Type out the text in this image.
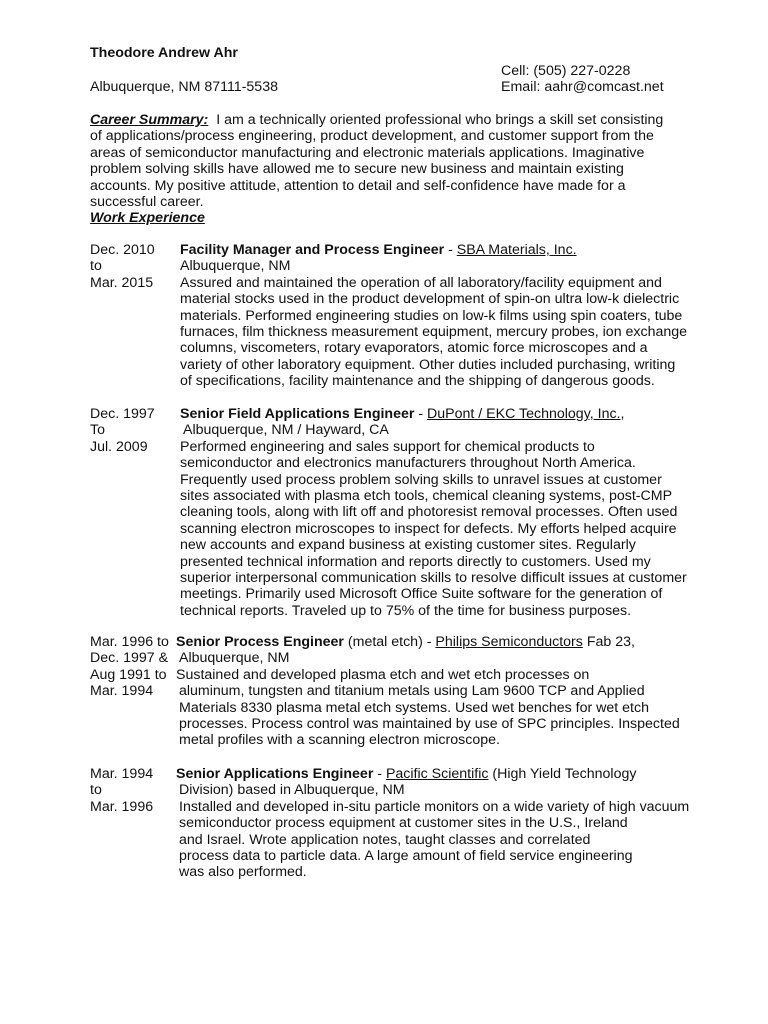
Theodore Andrew Ahr
Cell: (505) 227-0228
Albuquerque, NM 87111-5538	Email: aahr@comcast.net
Career Summary: I am a technically oriented professional who brings a skill set consisting of applications/process engineering, product development, and customer support from the areas of semiconductor manufacturing and electronic materials applications. Imaginative problem solving skills have allowed me to secure new business and maintain existing accounts. My positive attitude, attention to detail and self-confidence have made for a successful career.
Work Experience
Dec. 2010
to
Mar. 2015
Facility Manager and Process Engineer - SBA Materials, Inc.
Albuquerque, NM
Assured and maintained the operation of all laboratory/facility equipment and
material stocks used in the product development of spin-on ultra low-k dielectric
materials. Performed engineering studies on low-k films using spin coaters, tube
furnaces, film thickness measurement equipment, mercury probes, ion exchange
columns, viscometers, rotary evaporators, atomic force microscopes and a
variety of other laboratory equipment. Other duties included purchasing, writing
of specifications, facility maintenance and the shipping of dangerous goods.
Dec. 1997
To
Jul. 2009
Senior Field Applications Engineer - DuPont / EKC Technology, Inc.,
Albuquerque, NM / Hayward, CA
Performed engineering and sales support for chemical products to
semiconductor and electronics manufacturers throughout North America.
Frequently used process problem solving skills to unravel issues at customer
sites associated with plasma etch tools, chemical cleaning systems, post-CMP
cleaning tools, along with lift off and photoresist removal processes. Often used
scanning electron microscopes to inspect for defects. My efforts helped acquire
new accounts and expand business at existing customer sites. Regularly
presented technical information and reports directly to customers. Used my
superior interpersonal communication skills to resolve difficult issues at customer
meetings. Primarily used Microsoft Office Suite software for the generation of
technical reports. Traveled up to 75% of the time for business purposes.
Mar. 1996 to
Dec. 1997 &
Aug 1991 to
Mar. 1994
Senior Process Engineer (metal etch) - Philips Semiconductors Fab 23,
Albuquerque, NM
Sustained and developed plasma etch and wet etch processes on
aluminum, tungsten and titanium metals using Lam 9600 TCP and Applied
Materials 8330 plasma metal etch systems. Used wet benches for wet etch
processes. Process control was maintained by use of SPC principles. Inspected
metal profiles with a scanning electron microscope.
Mar. 1994
to
Mar. 1996
Senior Applications Engineer - Pacific Scientific (High Yield Technology
Division) based in Albuquerque, NM
Installed and developed in-situ particle monitors on a wide variety of high vacuum
semiconductor process equipment at customer sites in the U.S., Ireland
and Israel. Wrote application notes, taught classes and correlated
process data to particle data. A large amount of field service engineering
was also performed.
